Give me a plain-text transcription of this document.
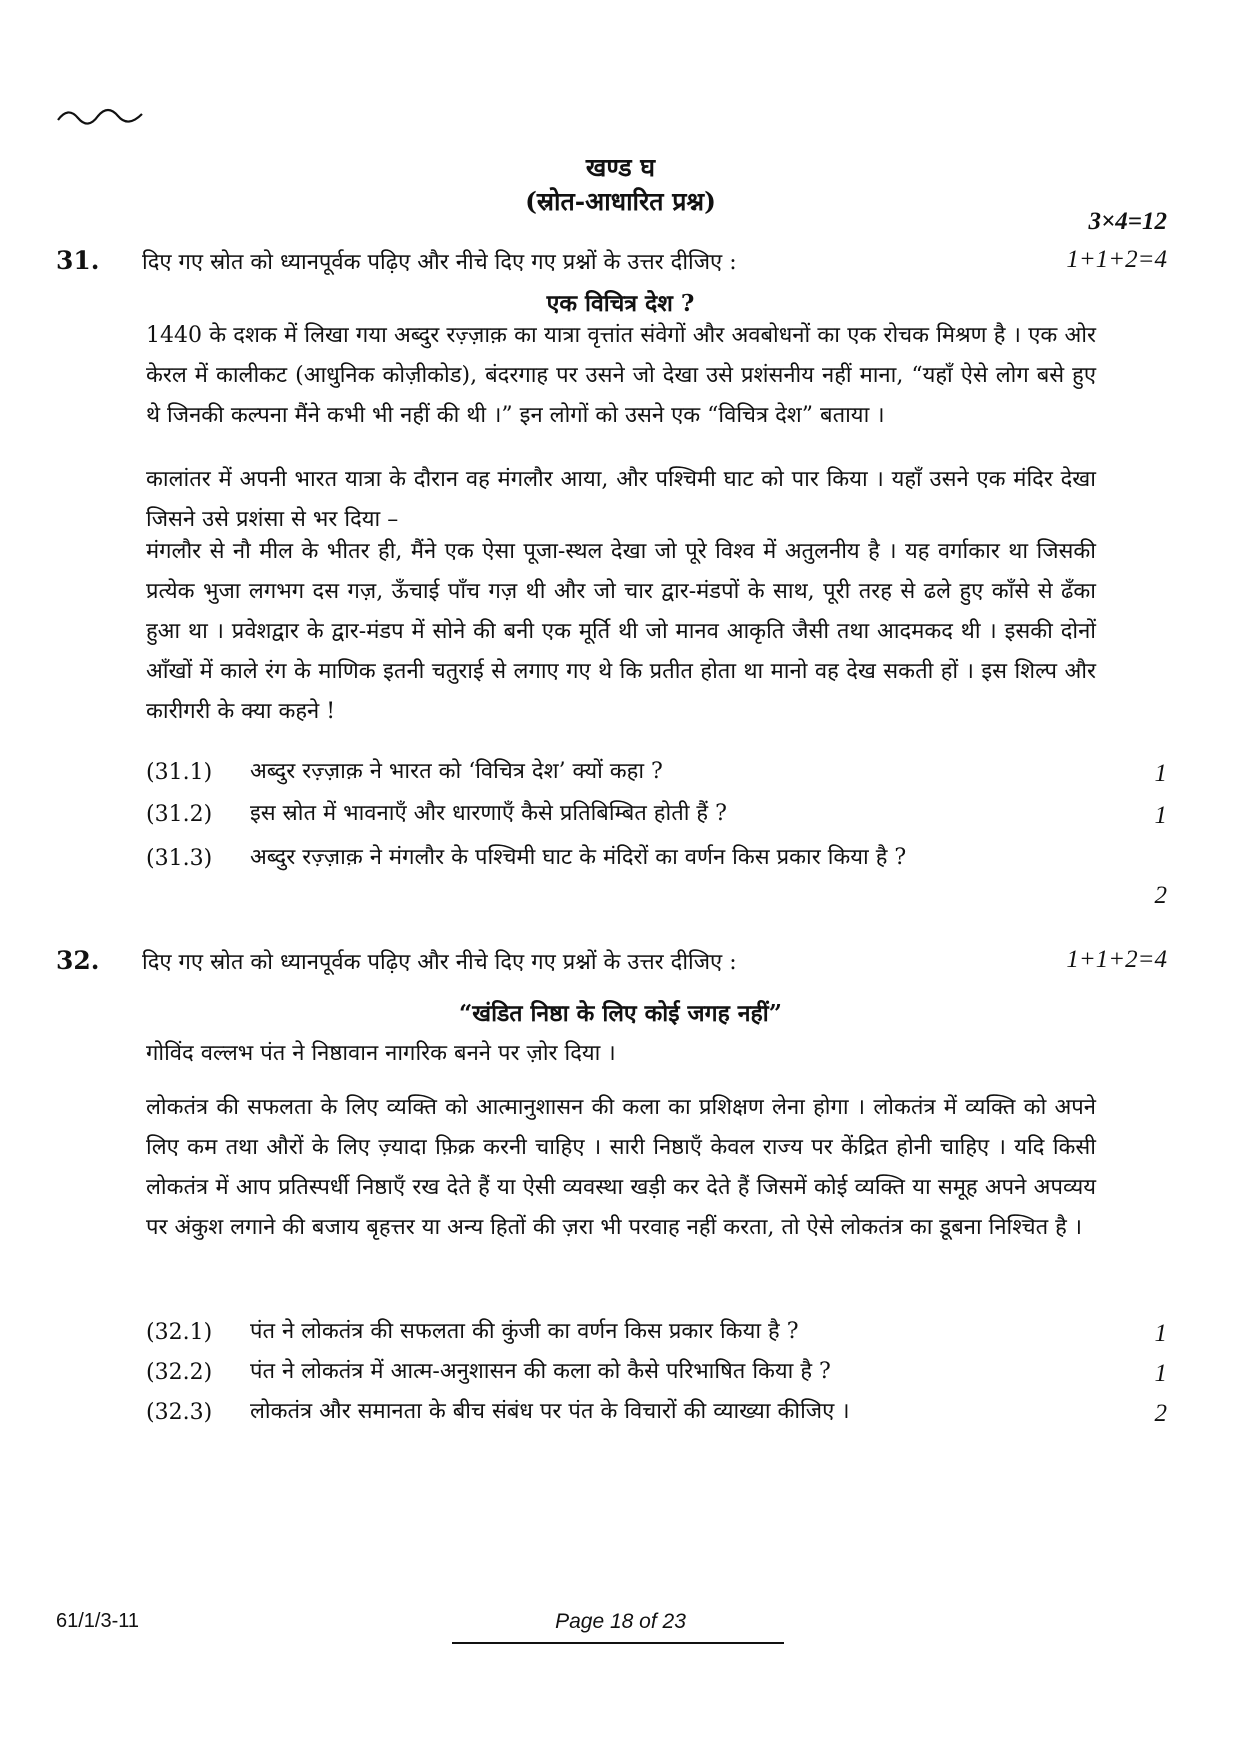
खण्ड घ
(स्रोत-आधारित प्रश्न)
3×4=12
31. दिए गए स्रोत को ध्यानपूर्वक पढ़िए और नीचे दिए गए प्रश्नों के उत्तर दीजिए :	1+1+2=4
एक विचित्र देश ?

1440 के दशक में लिखा गया अब्दुर रज़्ज़ाक़ का यात्रा वृत्तांत संवेगों और अवबोधनों का एक रोचक मिश्रण है । एक ओर केरल में कालीकट (आधुनिक कोज़ीकोड), बंदरगाह पर उसने जो देखा उसे प्रशंसनीय नहीं माना, “यहाँ ऐसे लोग बसे हुए थे जिनकी कल्पना मैंने कभी भी नहीं की थी ।” इन लोगों को उसने एक “विचित्र देश” बताया ।

कालांतर में अपनी भारत यात्रा के दौरान वह मंगलौर आया, और पश्चिमी घाट को पार किया । यहाँ उसने एक मंदिर देखा जिसने उसे प्रशंसा से भर दिया –

मंगलौर से नौ मील के भीतर ही, मैंने एक ऐसा पूजा-स्थल देखा जो पूरे विश्व में अतुलनीय है । यह वर्गाकार था जिसकी प्रत्येक भुजा लगभग दस गज़, ऊँचाई पाँच गज़ थी और जो चार द्वार-मंडपों के साथ, पूरी तरह से ढले हुए काँसे से ढँका हुआ था । प्रवेशद्वार के द्वार-मंडप में सोने की बनी एक मूर्ति थी जो मानव आकृति जैसी तथा आदमकद थी । इसकी दोनों आँखों में काले रंग के माणिक इतनी चतुराई से लगाए गए थे कि प्रतीत होता था मानो वह देख सकती हों । इस शिल्प और कारीगरी के क्या कहने !

(31.1) अब्दुर रज़्ज़ाक़ ने भारत को ‘विचित्र देश’ क्यों कहा ?	1
(31.2) इस स्रोत में भावनाएँ और धारणाएँ कैसे प्रतिबिम्बित होती हैं ?	1
(31.3) अब्दुर रज़्ज़ाक़ ने मंगलौर के पश्चिमी घाट के मंदिरों का वर्णन किस प्रकार किया है ?

2
32. दिए गए स्रोत को ध्यानपूर्वक पढ़िए और नीचे दिए गए प्रश्नों के उत्तर दीजिए :	1+1+2=4
“खंडित निष्ठा के लिए कोई जगह नहीं”

गोविंद वल्लभ पंत ने निष्ठावान नागरिक बनने पर ज़ोर दिया ।

लोकतंत्र की सफलता के लिए व्यक्ति को आत्मानुशासन की कला का प्रशिक्षण लेना होगा । लोकतंत्र में व्यक्ति को अपने लिए कम तथा औरों के लिए ज़्यादा फ़िक्र करनी चाहिए । सारी निष्ठाएँ केवल राज्य पर केंद्रित होनी चाहिए । यदि किसी लोकतंत्र में आप प्रतिस्पर्धी निष्ठाएँ रख देते हैं या ऐसी व्यवस्था खड़ी कर देते हैं जिसमें कोई व्यक्ति या समूह अपने अपव्यय पर अंकुश लगाने की बजाय बृहत्तर या अन्य हितों की ज़रा भी परवाह नहीं करता, तो ऐसे लोकतंत्र का डूबना निश्चित है ।

(32.1) पंत ने लोकतंत्र की सफलता की कुंजी का वर्णन किस प्रकार किया है ?	1
(32.2) पंत ने लोकतंत्र में आत्म-अनुशासन की कला को कैसे परिभाषित किया है ?	1
(32.3) लोकतंत्र और समानता के बीच संबंध पर पंत के विचारों की व्याख्या कीजिए ।	2
61/1/3-11	Page 18 of 23
